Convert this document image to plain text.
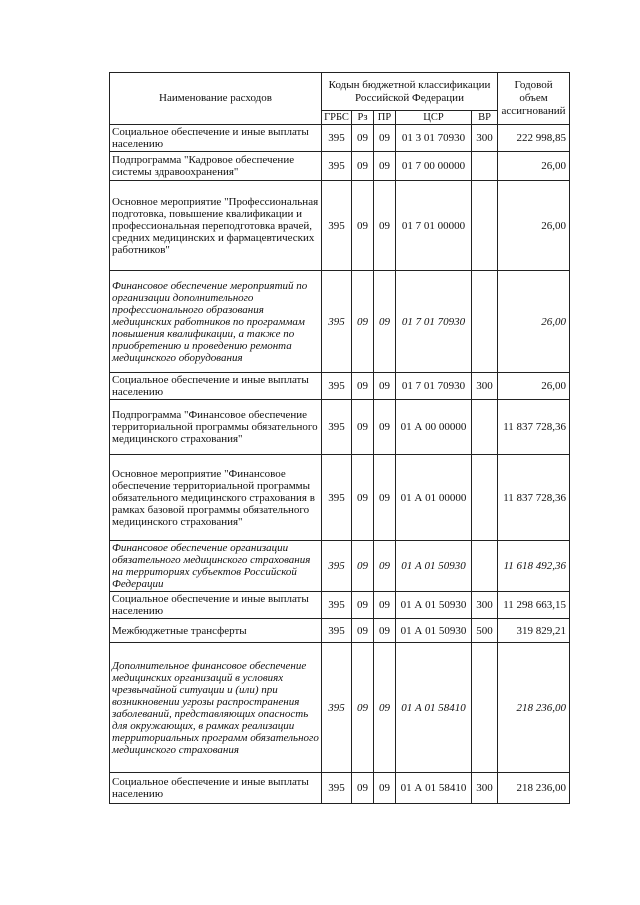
Наименование расходов	Кодын бюджетной классификации Российской Федерации					Годовой объем ассигнований
	ГРБС	Рз	ПР	ЦСР	ВР	
Социальное обеспечение и иные выплаты населению	395	09	09	01 3 01 70930	300	222 998,85
Подпрограмма "Кадровое обеспечение системы здравоохранения"	395	09	09	01 7 00 00000		26,00
Основное мероприятие "Профессиональная подготовка, повышение квалификации и профессиональная переподготовка врачей, средних медицинских и фармацевтических работников"	395	09	09	01 7 01 00000		26,00
Финансовое обеспечение мероприятий по организации дополнительного профессионального образования медицинских работников по программам повышения квалификации, а также по приобретению и проведению ремонта медицинского оборудования	395	09	09	01 7 01 70930		26,00
Социальное обеспечение и иные выплаты населению	395	09	09	01 7 01 70930	300	26,00
Подпрограмма "Финансовое обеспечение территориальной программы обязательного медицинского страхования"	395	09	09	01 А 00 00000		11 837 728,36
Основное мероприятие "Финансовое обеспечение территориальной программы обязательного медицинского страхования в рамках базовой программы обязательного медицинского страхования"	395	09	09	01 А 01 00000		11 837 728,36
Финансовое обеспечение организации обязательного медицинского страхования на территориях субъектов Российской Федерации	395	09	09	01 А 01 50930		11 618 492,36
Социальное обеспечение и иные выплаты населению	395	09	09	01 А 01 50930	300	11 298 663,15
Межбюджетные трансферты	395	09	09	01 А 01 50930	500	319 829,21
Дополнительное финансовое обеспечение медицинских организаций в условиях чрезвычайной ситуации и (или) при возникновении угрозы распространения заболеваний, представляющих опасность для окружающих, в рамках реализации территориальных программ обязательного медицинского страхования	395	09	09	01 А 01 58410		218 236,00
Социальное обеспечение и иные выплаты населению	395	09	09	01 А 01 58410	300	218 236,00
